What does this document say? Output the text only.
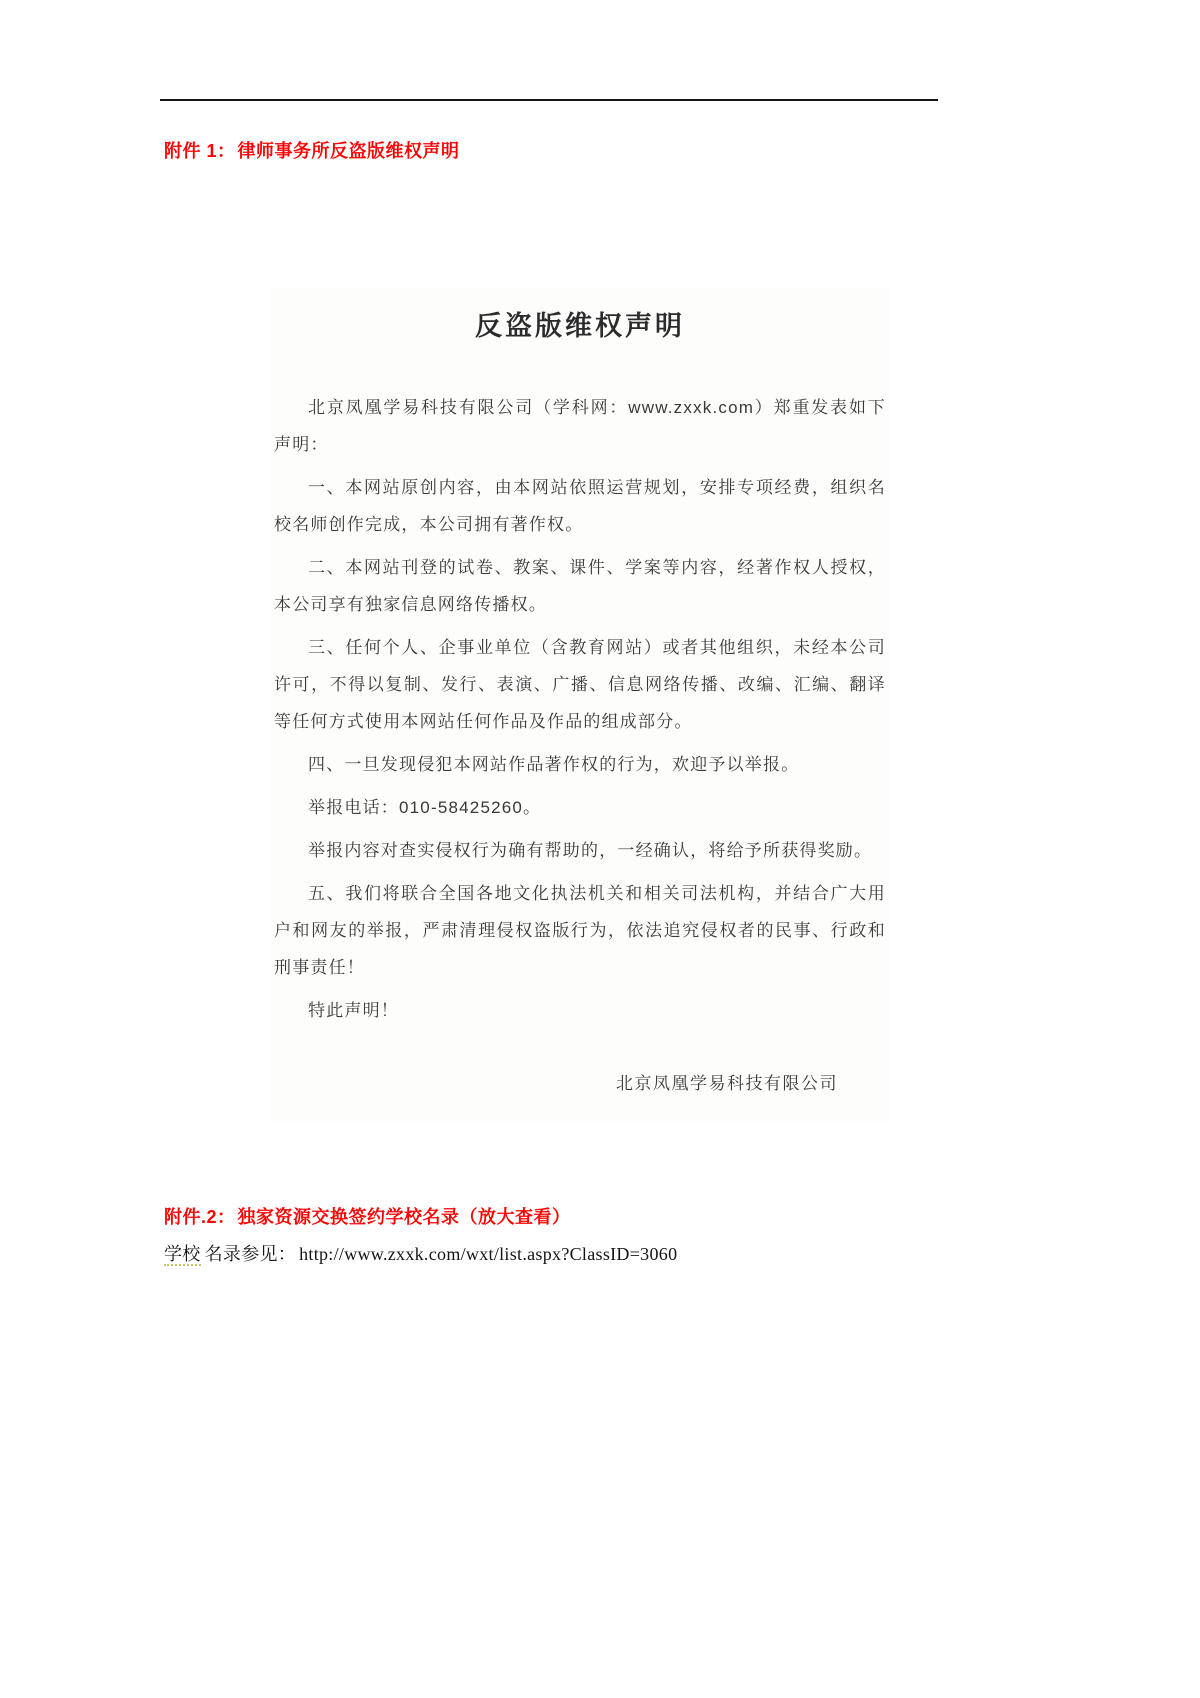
附件 1： 律师事务所反盗版维权声明
反盗版维权声明

北京凤凰学易科技有限公司（学科网：www.zxxk.com）郑重发表如下声明：

一、本网站原创内容，由本网站依照运营规划，安排专项经费，组织名校名师创作完成，本公司拥有著作权。

二、本网站刊登的试卷、教案、课件、学案等内容，经著作权人授权，本公司享有独家信息网络传播权。

三、任何个人、企事业单位（含教育网站）或者其他组织，未经本公司许可，不得以复制、发行、表演、广播、信息网络传播、改编、汇编、翻译等任何方式使用本网站任何作品及作品的组成部分。

四、一旦发现侵犯本网站作品著作权的行为，欢迎予以举报。

举报电话：010-58425260。

举报内容对查实侵权行为确有帮助的，一经确认，将给予所获得奖励。

五、我们将联合全国各地文化执法机关和相关司法机构，并结合广大用户和网友的举报，严肃清理侵权盗版行为，依法追究侵权者的民事、行政和刑事责任！

特此声明！

北京凤凰学易科技有限公司
附件.2： 独家资源交换签约学校名录（放大查看）
学校 名录参见： http://www.zxxk.com/wxt/list.aspx?ClassID=3060
